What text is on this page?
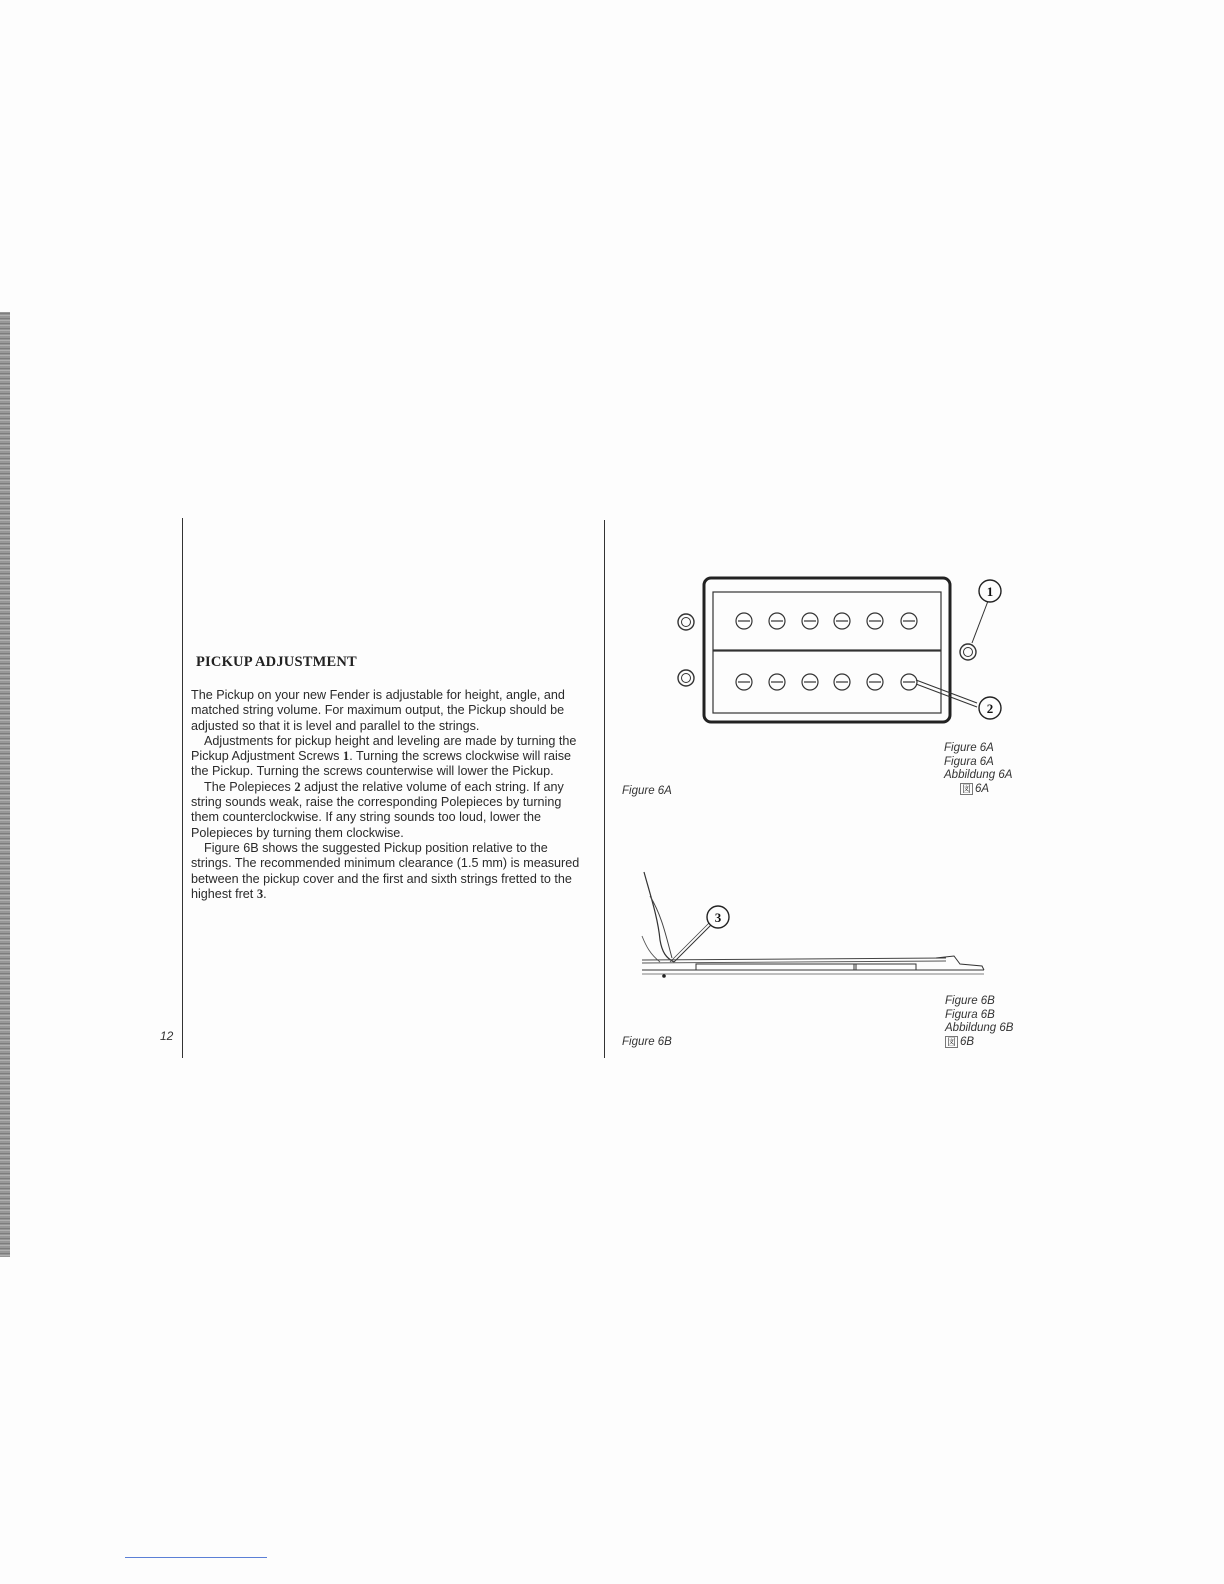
12
PICKUP ADJUSTMENT

The Pickup on your new Fender is adjustable for height, angle, and matched string volume. For maximum output, the Pickup should be adjusted so that it is level and parallel to the strings.

Adjustments for pickup height and leveling are made by turning the Pickup Adjustment Screws 1. Turning the screws clockwise will raise the Pickup. Turning the screws counterwise will lower the Pickup.

The Polepieces 2 adjust the relative volume of each string. If any string sounds weak, raise the corresponding Polepieces by turning them counterclockwise. If any string sounds too loud, lower the Polepieces by turning them clockwise.

Figure 6B shows the suggested Pickup position relative to the strings. The recommended minimum clearance (1.5 mm) is measured between the pickup cover and the first and sixth strings fretted to the highest fret 3.

1
2
Figure 6A
Figure 6A
Figura 6A
Abbildung 6A
図 6A
3
Figure 6B
Figure 6B
Figura 6B
Abbildung 6B
図 6B
